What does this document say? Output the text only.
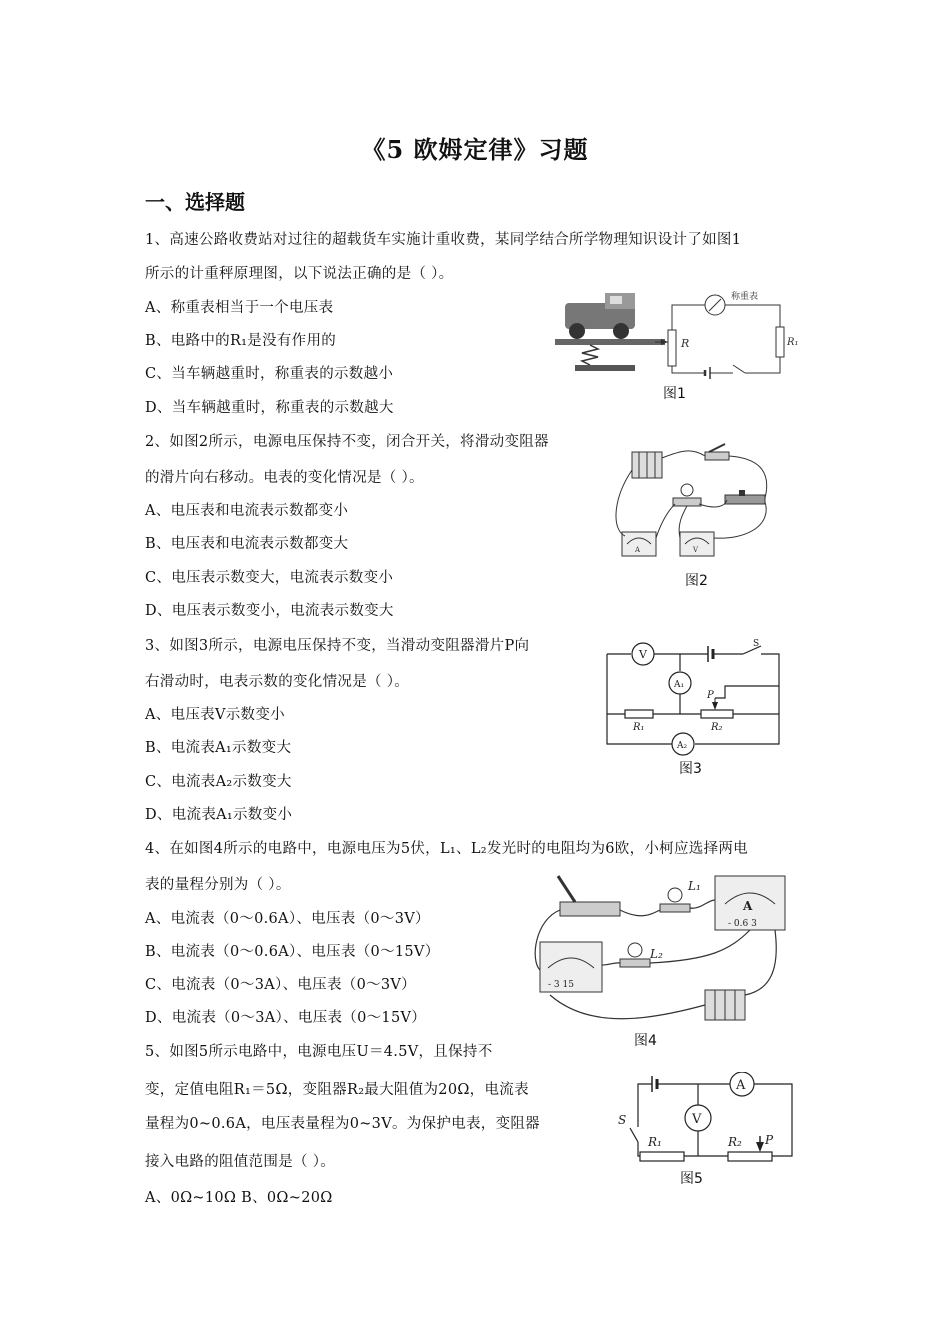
《5 欧姆定律》习题
一、选择题
1、高速公路收费站对过往的超载货车实施计重收费，某同学结合所学物理知识设计了如图1
所示的计重秤原理图，以下说法正确的是（ ）。
A、称重表相当于一个电压表
B、电路中的R₁是没有作用的
C、当车辆越重时，称重表的示数越小
D、当车辆越重时，称重表的示数越大
R
称重表
R₁
图1
2、如图2所示，电源电压保持不变，闭合开关，将滑动变阻器
的滑片向右移动。电表的变化情况是（ ）。
A、电压表和电流表示数都变小
B、电压表和电流表示数都变大
C、电压表示数变大，电流表示数变小
D、电压表示数变小，电流表示数变大
A	V
图2
3、如图3所示，电源电压保持不变，当滑动变阻器滑片P向
右滑动时，电表示数的变化情况是（ ）。
A、电压表V示数变小
B、电流表A₁示数变大
C、电流表A₂示数变大
D、电流表A₁示数变小
V
S
A₁
A₂
P
R₁	R₂
图3
4、在如图4所示的电路中，电源电压为5伏，L₁、L₂发光时的电阻均为6欧，小柯应选择两电
表的量程分别为（ ）。
A、电流表（0～0.6A）、电压表（0～3V）
B、电流表（0～0.6A）、电压表（0～15V）
C、电流表（0～3A）、电压表（0～3V）
D、电流表（0～3A）、电压表（0～15V）
L₁
A
- 0.6 3
- 3 15
L₂
图4
5、如图5所示电路中，电源电压U＝4.5V，且保持不
变，定值电阻R₁＝5Ω，变阻器R₂最大阻值为20Ω，电流表
量程为0~0.6A，电压表量程为0~3V。为保护电表，变阻器
接入电路的阻值范围是（ ）。
A、0Ω~10Ω B、0Ω~20Ω
A
V
S
R₁	R₂ P
图5
